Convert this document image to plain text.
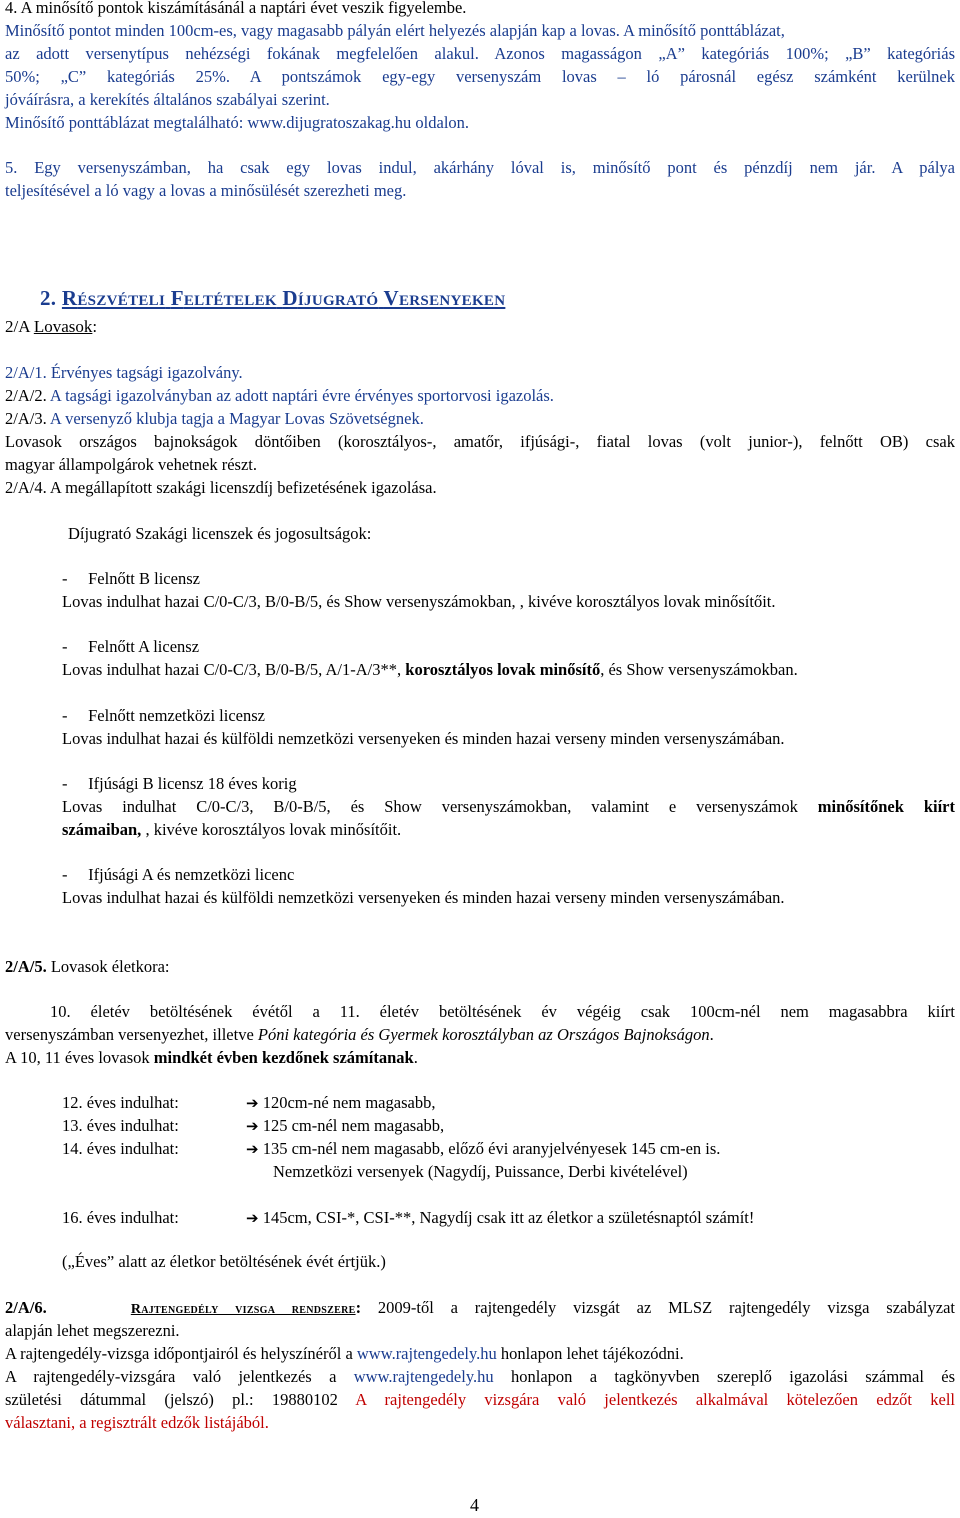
4. A minősítő pontok kiszámításánál a naptári évet veszik figyelembe.
Minősítő pontot minden 100cm-es, vagy magasabb pályán elért helyezés alapján kap a lovas. A minősítő ponttáblázat,
az adott versenytípus nehézségi fokának megfelelően alakul. Azonos magasságon „A” kategóriás 100%; „B” kategóriás
50%; „C” kategóriás 25%. A pontszámok egy-egy versenyszám lovas – ló párosnál egész számként kerülnek
jóváírásra, a kerekítés általános szabályai szerint.
Minősítő ponttáblázat megtalálható: www.dijugratoszakag.hu oldalon.
5. Egy versenyszámban, ha csak egy lovas indul, akárhány lóval is, minősítő pont és pénzdíj nem jár. A pálya
teljesítésével a ló vagy a lovas a minősülését szerezheti meg.
2. Részvételi Feltételek Díjugrató Versenyeken
2/A Lovasok:
2/A/1. Érvényes tagsági igazolvány.
2/A/2. A tagsági igazolványban az adott naptári évre érvényes sportorvosi igazolás.
2/A/3. A versenyző klubja tagja a Magyar Lovas Szövetségnek.
Lovasok országos bajnokságok döntőiben (korosztályos-, amatőr, ifjúsági-, fiatal lovas (volt junior-), felnőtt OB) csak
magyar állampolgárok vehetnek részt.
2/A/4. A megállapított szakági licenszdíj befizetésének igazolása.
Díjugrató Szakági licenszek és jogosultságok:
-     Felnőtt B licensz
Lovas indulhat hazai C/0-C/3, B/0-B/5, és Show versenyszámokban, , kivéve korosztályos lovak minősítőit.
-     Felnőtt A licensz
Lovas indulhat hazai C/0-C/3, B/0-B/5, A/1-A/3**, korosztályos lovak minősítő, és Show versenyszámokban.
-     Felnőtt nemzetközi licensz
Lovas indulhat hazai és külföldi nemzetközi versenyeken és minden hazai verseny minden versenyszámában.
-     Ifjúsági B licensz 18 éves korig
Lovas indulhat C/0-C/3, B/0-B/5, és Show versenyszámokban, valamint e versenyszámok minősítőnek kiírt
számaiban, , kivéve korosztályos lovak minősítőit.
-     Ifjúsági A és nemzetközi licenc
Lovas indulhat hazai és külföldi nemzetközi versenyeken és minden hazai verseny minden versenyszámában.
2/A/5. Lovasok életkora:
10. életév betöltésének évétől a 11. életév betöltésének év végéig csak 100cm-nél nem magasabbra kiírt
versenyszámban versenyezhet, illetve Póni kategória és Gyermek korosztályban az Országos Bajnokságon.
A 10, 11 éves lovasok mindkét évben kezdőnek számítanak.
12. éves indulhat:	➔ 120cm-né nem magasabb,
13. éves indulhat:	➔ 125 cm-nél nem magasabb,
14. éves indulhat:	➔ 135 cm-nél nem magasabb, előző évi aranyjelvényesek 145 cm-en is.
Nemzetközi versenyek (Nagydíj, Puissance, Derbi kivételével)
16. éves indulhat:	➔ 145cm, CSI-*, CSI-**, Nagydíj csak itt az életkor a születésnaptól számít!
(„Éves” alatt az életkor betöltésének évét értjük.)
2/A/6.	Rajtengedély vizsga rendszere: 2009-től a rajtengedély vizsgát az MLSZ rajtengedély vizsga szabályzat
alapján lehet megszerezni.
A rajtengedély-vizsga időpontjairól és helyszínéről a www.rajtengedely.hu honlapon lehet tájékozódni.
A rajtengedély-vizsgára való jelentkezés a www.rajtengedely.hu honlapon a tagkönyvben szereplő igazolási számmal és
születési dátummal (jelszó) pl.: 19880102 A rajtengedély vizsgára való jelentkezés alkalmával kötelezően edzőt kell
választani, a regisztrált edzők listájából.
4
